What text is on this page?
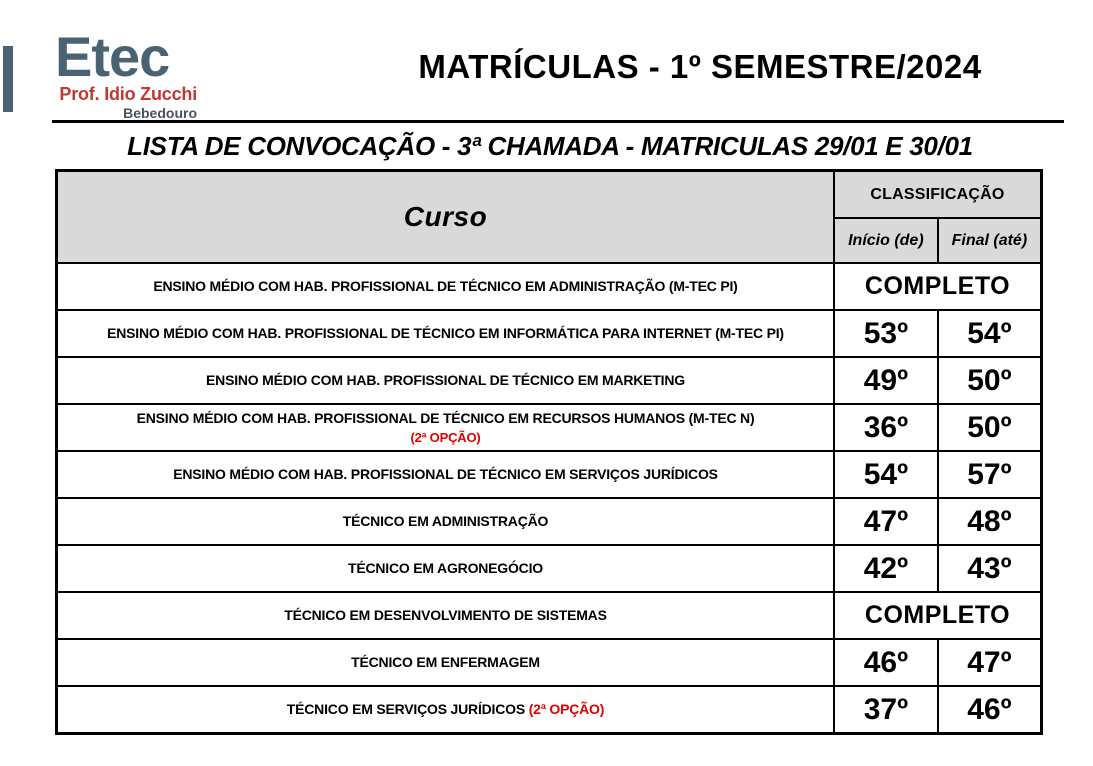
Etec
Prof. Idio Zucchi
Bebedouro
MATRÍCULAS - 1º SEMESTRE/2024
LISTA DE CONVOCAÇÃO - 3ª CHAMADA - MATRICULAS 29/01 E 30/01
Curso	CLASSIFICAÇÃO	
	Início (de)	Final (até)
ENSINO MÉDIO COM HAB. PROFISSIONAL DE TÉCNICO EM ADMINISTRAÇÃO (M-TEC PI)	COMPLETO	
ENSINO MÉDIO COM HAB. PROFISSIONAL DE TÉCNICO EM INFORMÁTICA PARA INTERNET (M-TEC PI)	53º	54º
ENSINO MÉDIO COM HAB. PROFISSIONAL DE TÉCNICO EM MARKETING	49º	50º
ENSINO MÉDIO COM HAB. PROFISSIONAL DE TÉCNICO EM RECURSOS HUMANOS (M-TEC N)
(2ª OPÇÃO)	36º	50º
ENSINO MÉDIO COM HAB. PROFISSIONAL DE TÉCNICO EM SERVIÇOS JURÍDICOS	54º	57º
TÉCNICO EM ADMINISTRAÇÃO	47º	48º
TÉCNICO EM AGRONEGÓCIO	42º	43º
TÉCNICO EM DESENVOLVIMENTO DE SISTEMAS	COMPLETO	
TÉCNICO EM ENFERMAGEM	46º	47º
TÉCNICO EM SERVIÇOS JURÍDICOS (2ª OPÇÃO)	37º	46º
